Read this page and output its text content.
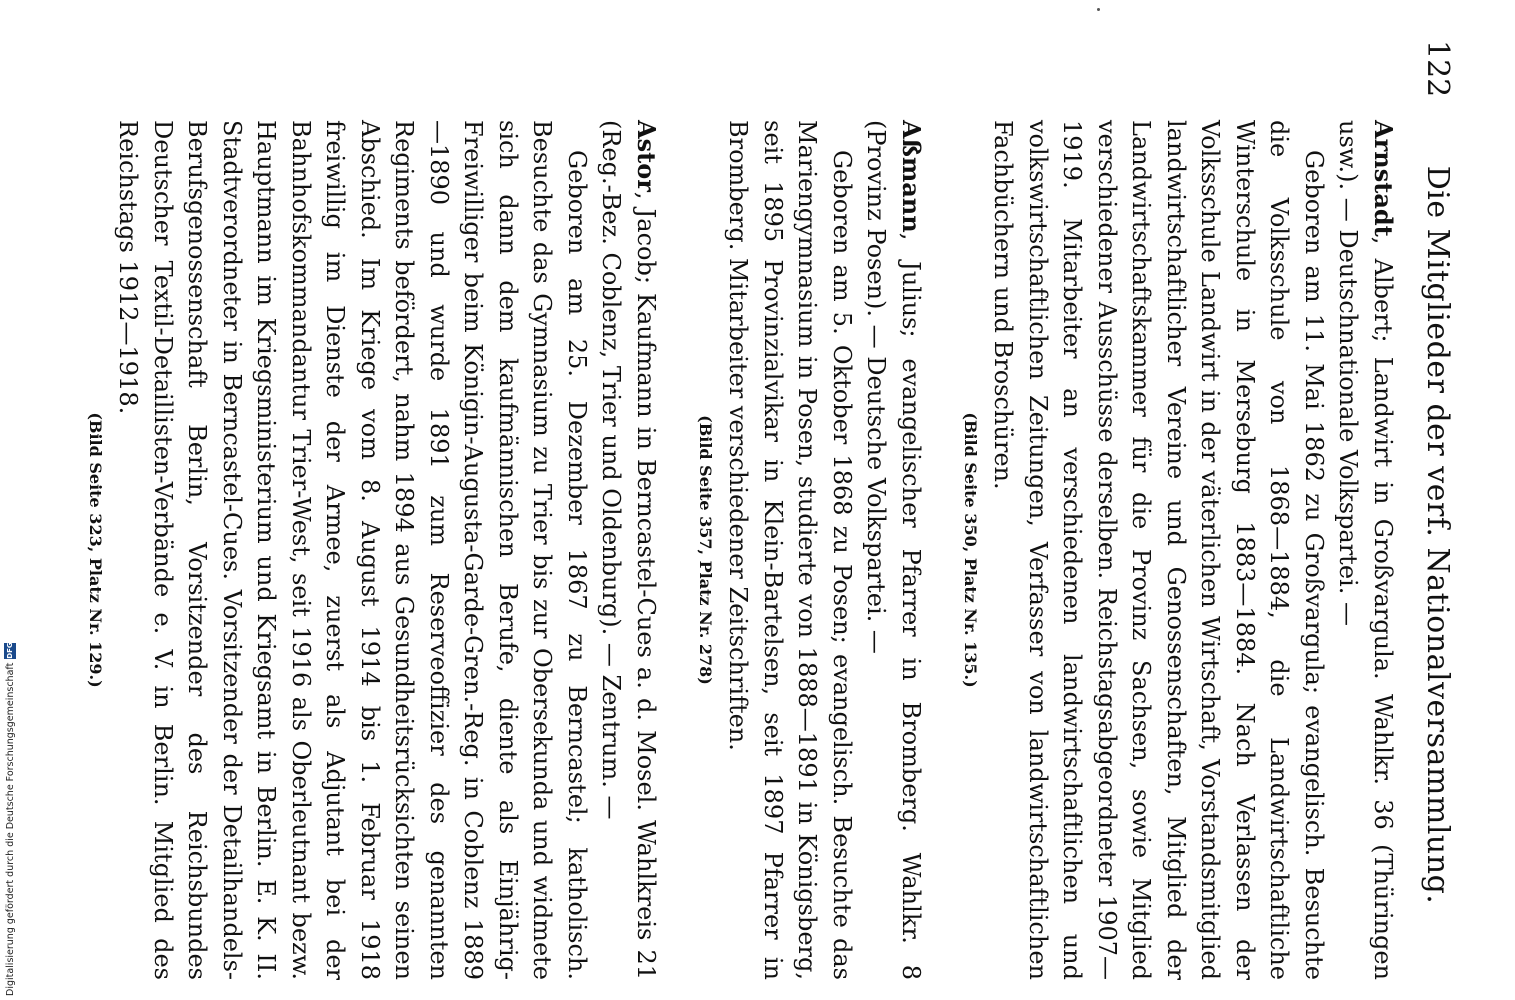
122
Die Mitglieder der verf. Nationalversammlung.

Arnstadt, Albert; Landwirt in Großvargula. Wahlkr. 36 (Thüringen usw.). — Deutschnationale Volkspartei. —

Geboren am 11. Mai 1862 zu Großvargula; evangelisch. Besuchte die Volksschule von 1868—1884, die Landwirtschaftliche Winterschule in Merseburg 1883—1884. Nach Verlassen der Volksschule Landwirt in der väterlichen Wirtschaft, Vorstandsmitglied landwirtschaftlicher Vereine und Genossenschaften, Mitglied der Landwirtschaftskammer für die Provinz Sachsen, sowie Mitglied verschiedener Ausschüsse derselben. Reichstagsabgeordneter 1907—1919. Mitarbeiter an verschiedenen landwirtschaftlichen und volkswirtschaftlichen Zeitungen, Verfasser von landwirtschaftlichen Fachbüchern und Broschüren.

(Bild Seite 350, Platz Nr. 135.)

Aßmann, Julius; evangelischer Pfarrer in Bromberg. Wahlkr. 8 (Provinz Posen). — Deutsche Volkspartei. —

Geboren am 5. Oktober 1868 zu Posen; evangelisch. Besuchte das Mariengymnasium in Posen, studierte von 1888—1891 in Königsberg, seit 1895 Provinzialvikar in Klein-Bartelsen, seit 1897 Pfarrer in Bromberg. Mitarbeiter verschiedener Zeitschriften.

(Bild Seite 357, Platz Nr. 278)

Astor, Jacob; Kaufmann in Berncastel-Cues a. d. Mosel. Wahlkreis 21 (Reg.-Bez. Coblenz, Trier und Oldenburg). — Zentrum. —

Geboren am 25. Dezember 1867 zu Berncastel; katholisch. Besuchte das Gymnasium zu Trier bis zur Obersekunda und widmete sich dann dem kaufmännischen Berufe, diente als Einjährig-Freiwilliger beim Königin-Augusta-Garde-Gren.-Reg. in Coblenz 1889—1890 und wurde 1891 zum Reserveoffizier des genannten Regiments befördert, nahm 1894 aus Gesundheitsrücksichten seinen Abschied. Im Kriege vom 8. August 1914 bis 1. Februar 1918 freiwillig im Dienste der Armee, zuerst als Adjutant bei der Bahnhofskommandantur Trier-West, seit 1916 als Oberleutnant bezw. Hauptmann im Kriegsministerium und Kriegsamt in Berlin. E. K. II. Stadtverordneter in Berncastel-Cues. Vorsitzender der Detailhandels-Berufsgenossenschaft Berlin, Vorsitzender des Reichsbundes Deutscher Textil-Detaillisten-Verbände e. V. in Berlin. Mitglied des Reichstags 1912—1918.

(Bild Seite 323, Platz Nr. 129.)
Digitalisierung gefördert durch die Deutsche Forschungsgemeinschaft
DFG
